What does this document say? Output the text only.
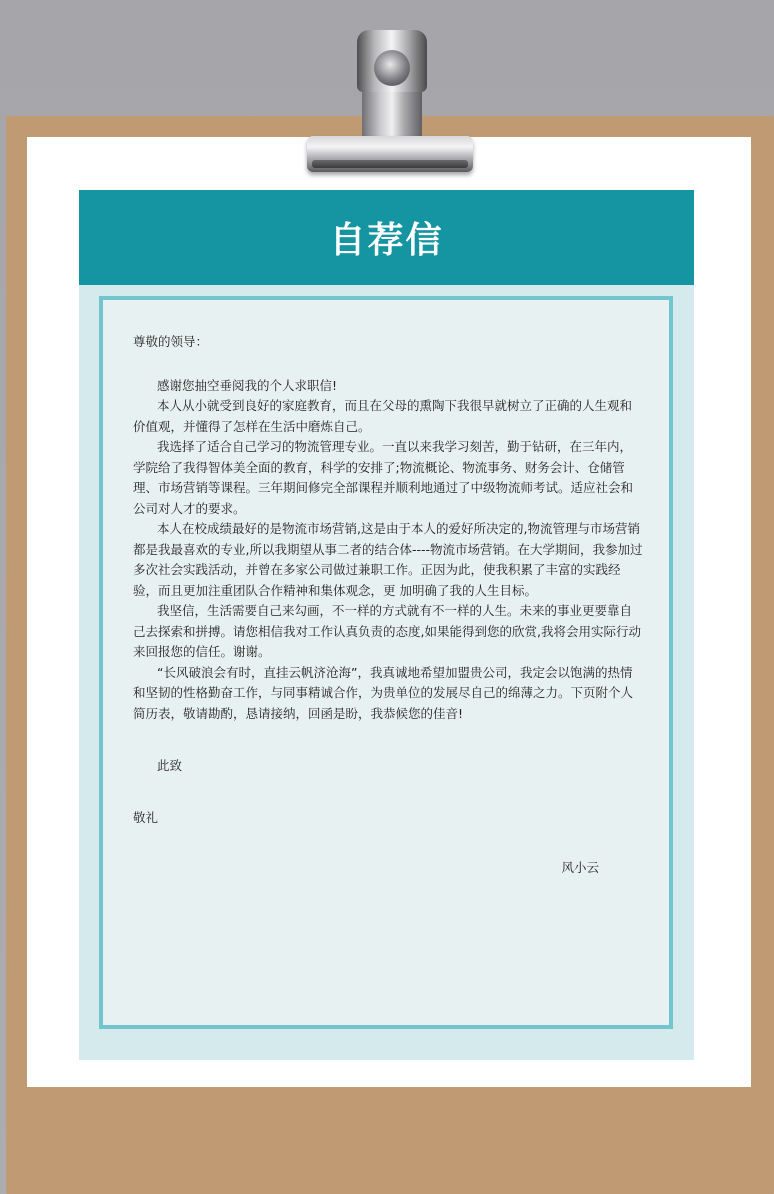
自荐信

尊敬的领导：

感谢您抽空垂阅我的个人求职信!

本人从小就受到良好的家庭教育，而且在父母的熏陶下我很早就树立了正确的人生观和价值观，并懂得了怎样在生活中磨炼自己。

我选择了适合自己学习的物流管理专业。一直以来我学习刻苦，勤于钻研，在三年内，学院给了我得智体美全面的教育，科学的安排了;物流概论、物流事务、财务会计、仓储管理、市场营销等课程。三年期间修完全部课程并顺利地通过了中级物流师考试。适应社会和公司对人才的要求。

本人在校成绩最好的是物流市场营销,这是由于本人的爱好所决定的,物流管理与市场营销都是我最喜欢的专业,所以我期望从事二者的结合体----物流市场营销。在大学期间，我参加过多次社会实践活动，并曾在多家公司做过兼职工作。正因为此，使我积累了丰富的实践经验，而且更加注重团队合作精神和集体观念，更 加明确了我的人生目标。

我坚信，生活需要自己来勾画，不一样的方式就有不一样的人生。未来的事业更要靠自己去探索和拼搏。请您相信我对工作认真负责的态度,如果能得到您的欣赏,我将会用实际行动来回报您的信任。谢谢。

“长风破浪会有时，直挂云帆济沧海”，我真诚地希望加盟贵公司，我定会以饱满的热情和坚韧的性格勤奋工作，与同事精诚合作，为贵单位的发展尽自己的绵薄之力。下页附个人简历表，敬请勘酌，恳请接纳，回函是盼，我恭候您的佳音!

此致

敬礼

风小云
